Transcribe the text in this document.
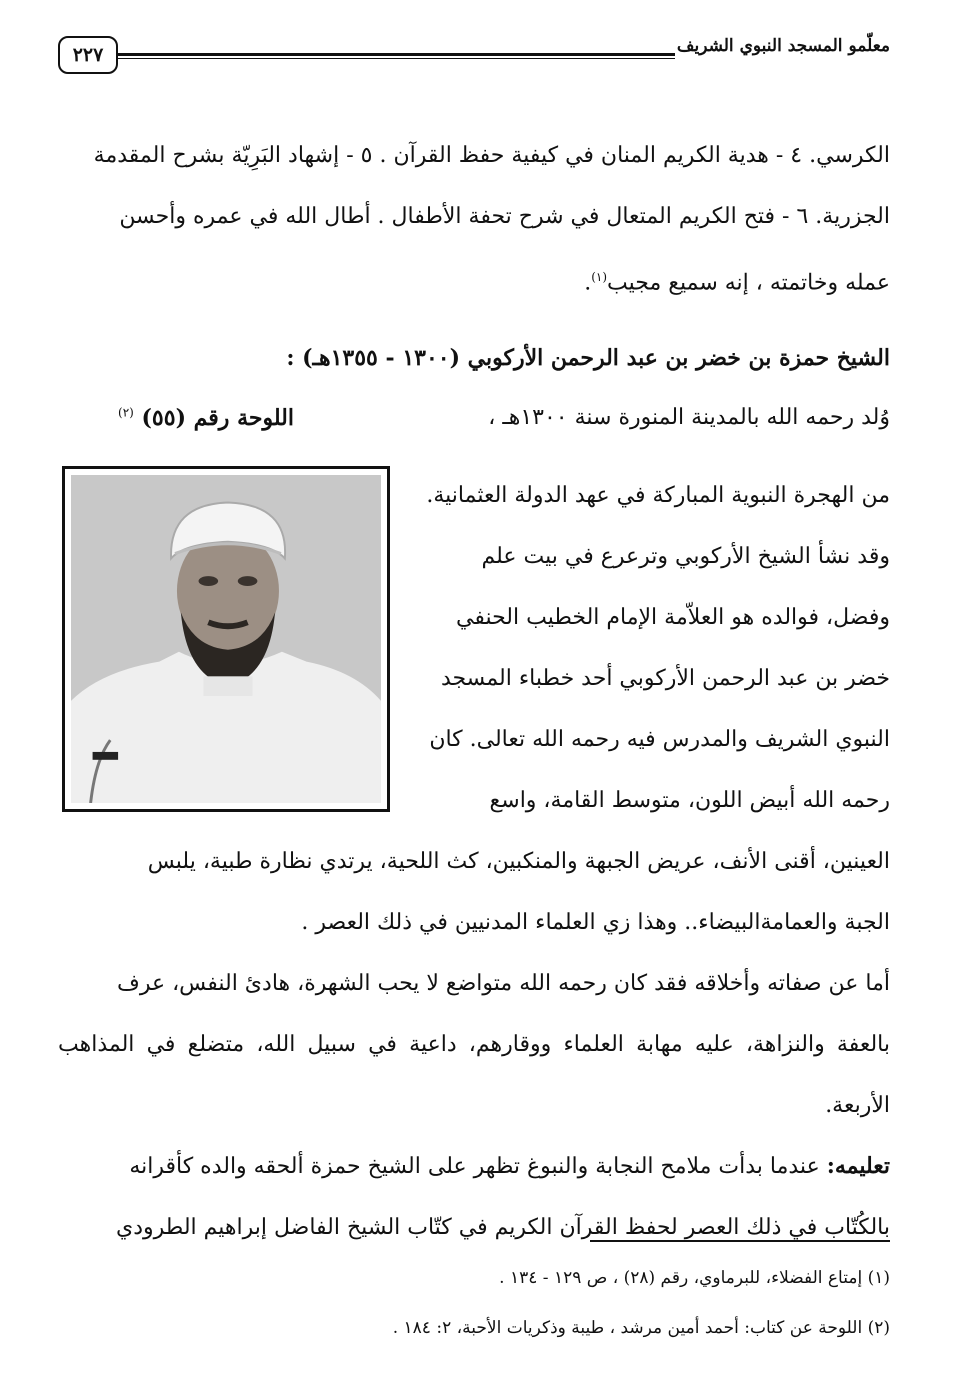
٢٢٧	معلّمو المسجد النبوي الشريف
الكرسي. ٤ - هدية الكريم المنان في كيفية حفظ القرآن . ٥ - إشهاد البَرِيّة بشرح المقدمة
الجزرية. ٦ - فتح الكريم المتعال في شرح تحفة الأطفال . أطال الله في عمره وأحسن
عمله وخاتمته ، إنه سميع مجيب$^{(١)}$.
الشيخ حمزة بن خضر بن عبد الرحمن الأركوبي (١٣٠٠ - ١٣٥٥هـ) :
وُلد رحمه الله بالمدينة المنورة سنة ١٣٠٠هـ ،
اللوحة رقم (٥٥) $^{(٢)}$
من الهجرة النبوية المباركة في عهد الدولة العثمانية.
وقد نشأ الشيخ الأركوبي وترعرع في بيت علم
وفضل، فوالده هو العلاّمة الإمام الخطيب الحنفي
خضر بن عبد الرحمن الأركوبي أحد خطباء المسجد
النبوي الشريف والمدرس فيه رحمه الله تعالى. كان
رحمه الله أبيض اللون، متوسط القامة، واسع
العينين، أقنى الأنف، عريض الجبهة والمنكبين، كث اللحية، يرتدي نظارة طبية، يلبس
الجبة والعمامةالبيضاء.. وهذا زي العلماء المدنيين في ذلك العصر .
أما عن صفاته وأخلاقه فقد كان رحمه الله متواضع لا يحب الشهرة، هادئ النفس، عرف
بالعفة والنزاهة، عليه مهابة العلماء ووقارهم، داعية في سبيل الله، متضلع في المذاهب الأربعة.
تعليمه: عندما بدأت ملامح النجابة والنبوغ تظهر على الشيخ حمزة ألحقه والده كأقرانه
بالكُتّاب في ذلك العصر لحفظ القرآن الكريم في كتّاب الشيخ الفاضل إبراهيم الطرودي
(١) إمتاع الفضلاء، للبرماوي، رقم (٢٨) ، ص ١٢٩ - ١٣٤ .
(٢) اللوحة عن كتاب: أحمد أمين مرشد ، طيبة وذكريات الأحبة، ٢: ١٨٤ .
